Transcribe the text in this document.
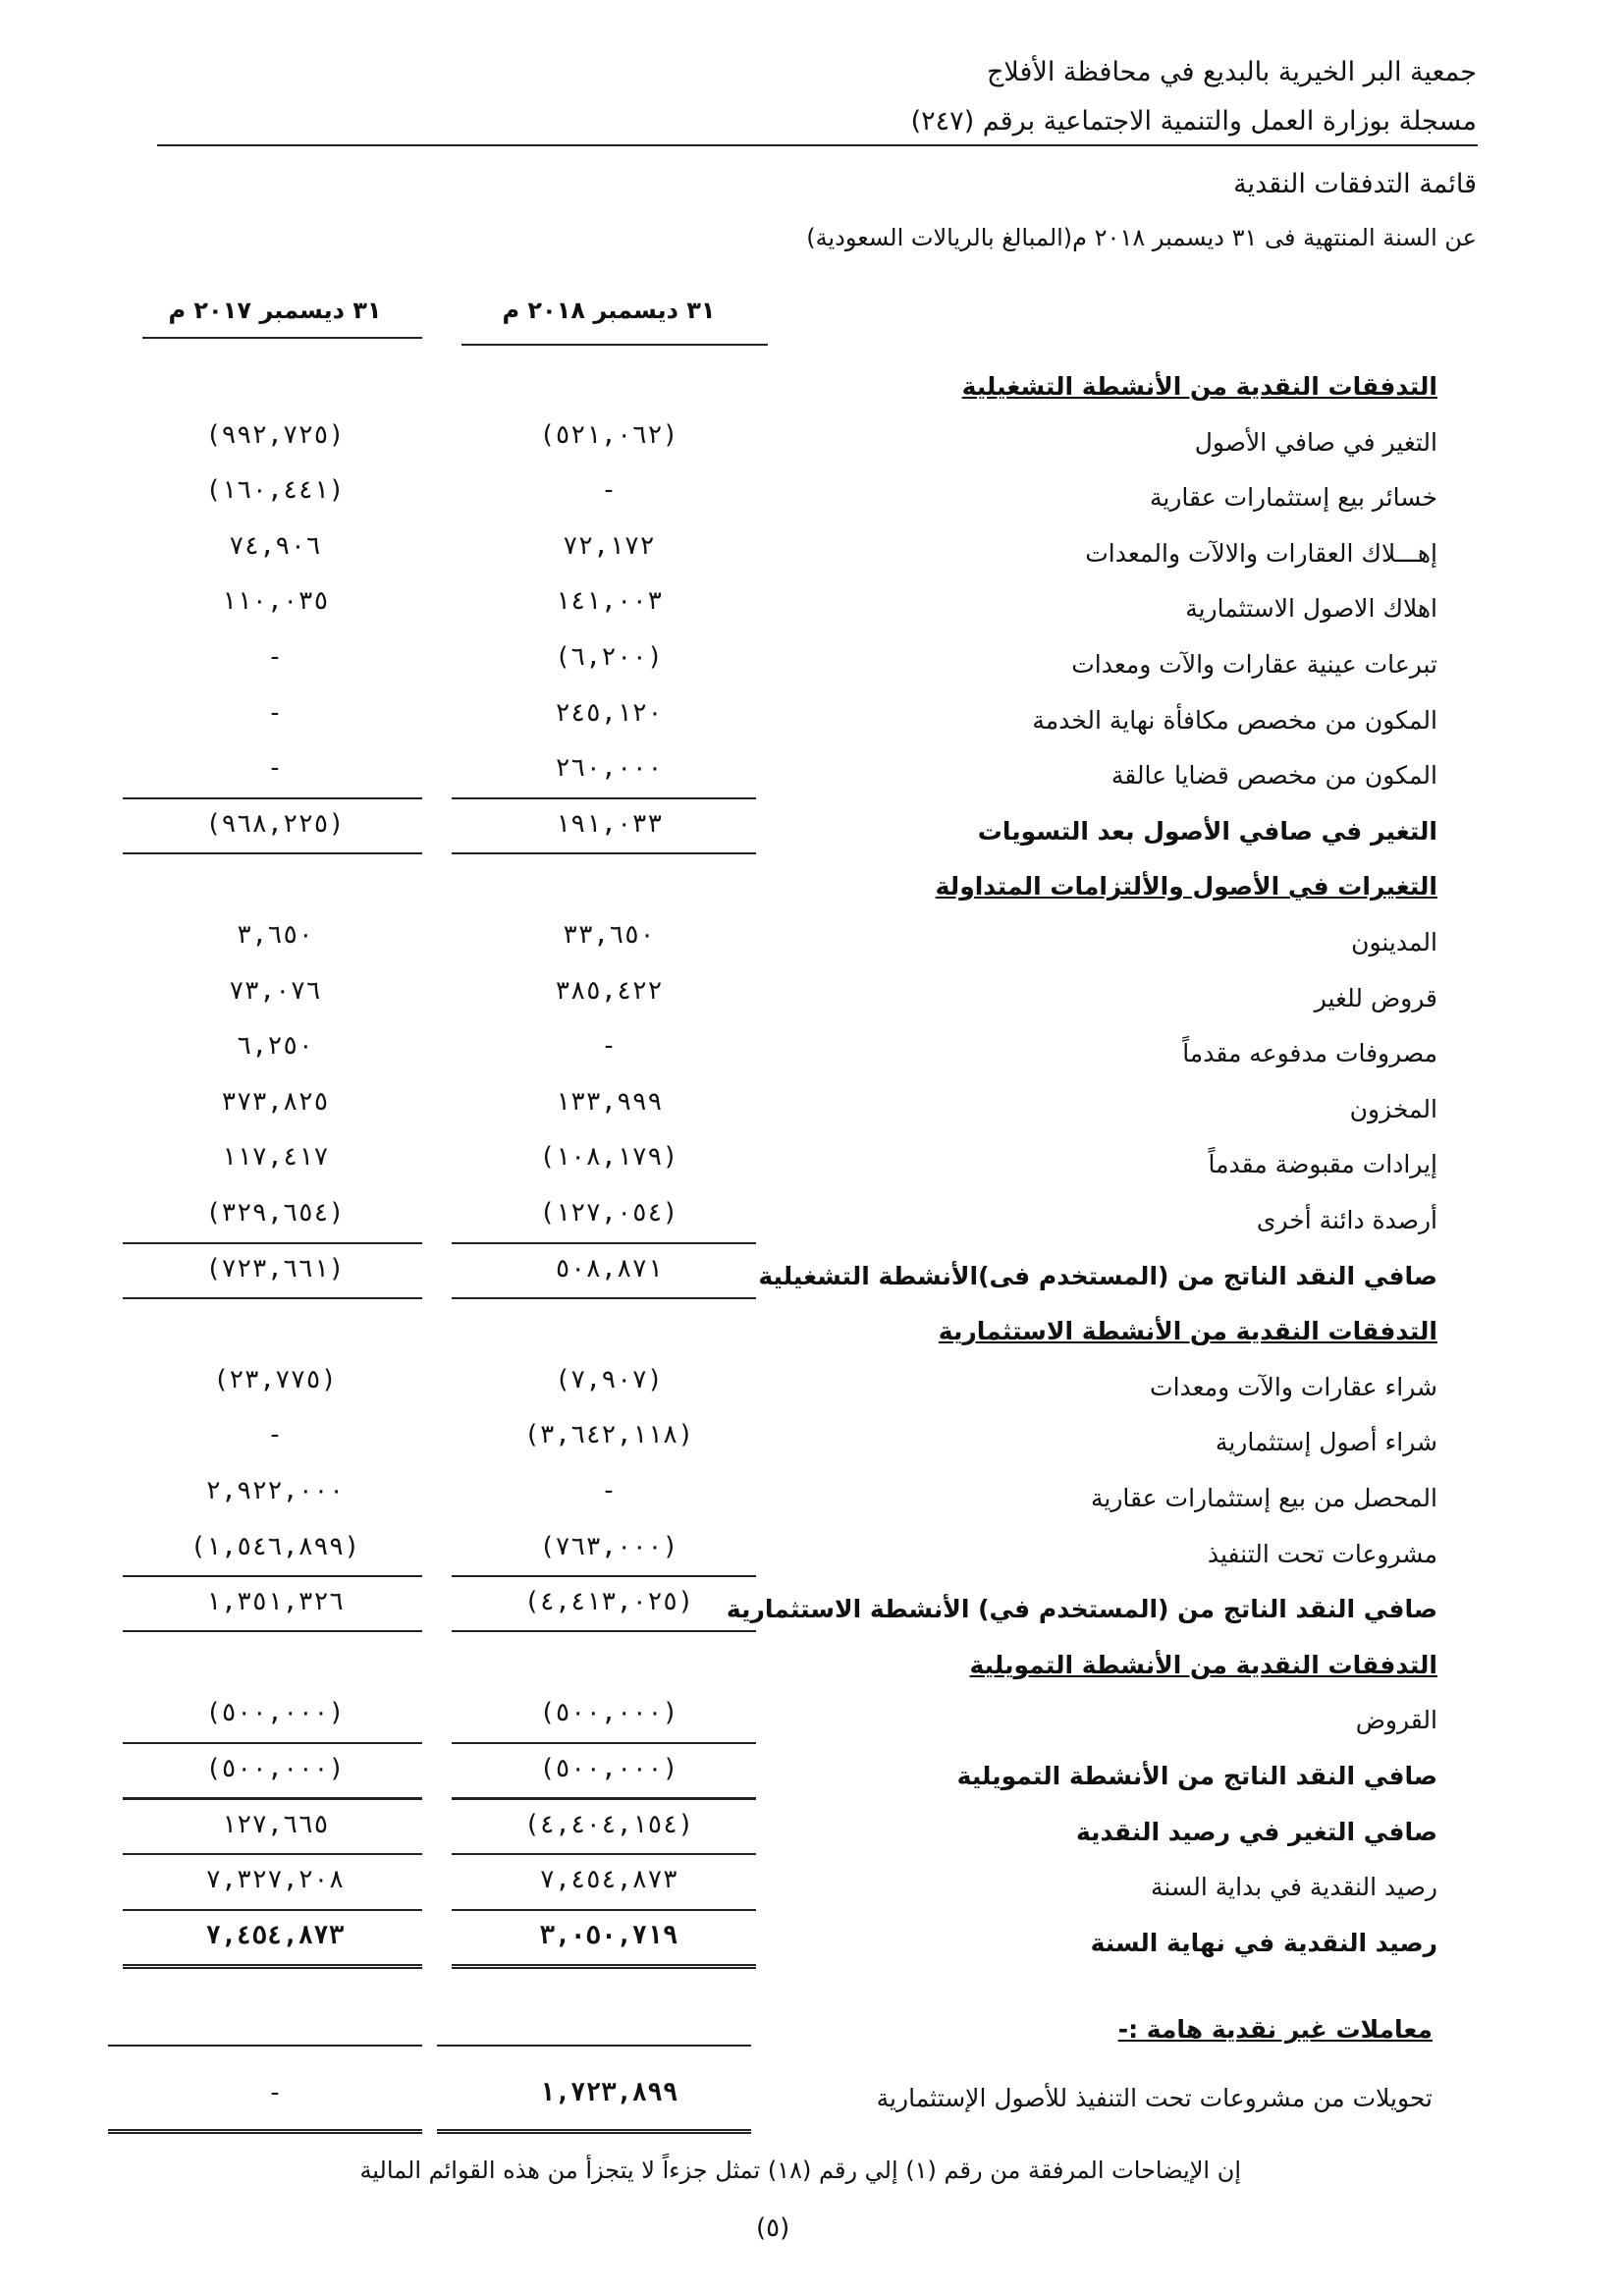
جمعية البر الخيرية بالبديع في محافظة الأفلاج
مسجلة بوزارة العمل والتنمية الاجتماعية برقم (٢٤٧)
قائمة التدفقات النقدية
عن السنة المنتهية فى ٣١ ديسمبر ٢٠١٨ م(المبالغ بالريالات السعودية)
٣١ ديسمبر ٢٠١٨ م
٣١ ديسمبر ٢٠١٧ م
التدفقات النقدية من الأنشطة التشغيلية
التغير في صافي الأصول
(٥٢١,٠٦٢)
(٩٩٢,٧٢٥)
خسائر بيع إستثمارات عقارية
-
(١٦٠,٤٤١)
إهـــلاك العقارات والالآت والمعدات
٧٢,١٧٢
٧٤,٩٠٦
اهلاك الاصول الاستثمارية
١٤١,٠٠٣
١١٠,٠٣٥
تبرعات عينية عقارات والآت ومعدات
(٦,٢٠٠)
-
المكون من مخصص مكافأة نهاية الخدمة
٢٤٥,١٢٠
-
المكون من مخصص قضايا عالقة
٢٦٠,٠٠٠
-
التغير في صافي الأصول بعد التسويات
١٩١,٠٣٣
(٩٦٨,٢٢٥)
التغيرات في الأصول والألتزامات المتداولة
المدينون
٣٣,٦٥٠
٣,٦٥٠
قروض للغير
٣٨٥,٤٢٢
٧٣,٠٧٦
مصروفات مدفوعه مقدماً
-
٦,٢٥٠
المخزون
١٣٣,٩٩٩
٣٧٣,٨٢٥
إيرادات مقبوضة مقدماً
(١٠٨,١٧٩)
١١٧,٤١٧
أرصدة دائنة أخرى
(١٢٧,٠٥٤)
(٣٢٩,٦٥٤)
صافي النقد الناتج من (المستخدم فى)الأنشطة التشغيلية
٥٠٨,٨٧١
(٧٢٣,٦٦١)
التدفقات النقدية من الأنشطة الاستثمارية
شراء عقارات والآت ومعدات
(٧,٩٠٧)
(٢٣,٧٧٥)
شراء أصول إستثمارية
(٣,٦٤٢,١١٨)
-
المحصل من بيع إستثمارات عقارية
-
٢,٩٢٢,٠٠٠
مشروعات تحت التنفيذ
(٧٦٣,٠٠٠)
(١,٥٤٦,٨٩٩)
صافي النقد الناتج من (المستخدم في) الأنشطة الاستثمارية
(٤,٤١٣,٠٢٥)
١,٣٥١,٣٢٦
التدفقات النقدية من الأنشطة التمويلية
القروض
(٥٠٠,٠٠٠)
(٥٠٠,٠٠٠)
صافي النقد الناتج من الأنشطة التمويلية
(٥٠٠,٠٠٠)
(٥٠٠,٠٠٠)
صافي التغير في رصيد النقدية
(٤,٤٠٤,١٥٤)
١٢٧,٦٦٥
رصيد النقدية في بداية السنة
٧,٤٥٤,٨٧٣
٧,٣٢٧,٢٠٨
رصيد النقدية في نهاية السنة
٣,٠٥٠,٧١٩
٧,٤٥٤,٨٧٣
معاملات غير نقدية هامة :-
تحويلات من مشروعات تحت التنفيذ للأصول الإستثمارية
١,٧٢٣,٨٩٩
-
إن الإيضاحات المرفقة من رقم (١) إلي رقم (١٨) تمثل جزءاً لا يتجزأ من هذه القوائم المالية
(٥)
